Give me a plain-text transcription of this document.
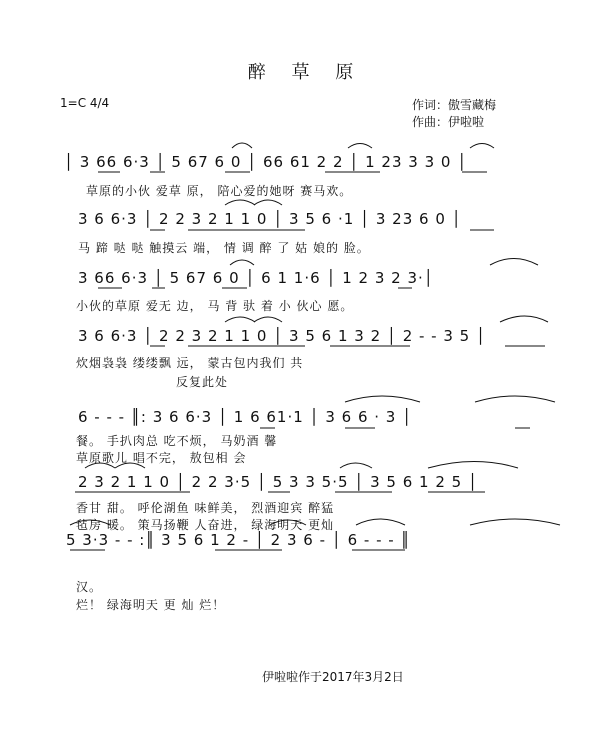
醉 草 原
1=C 4/4	作词：傲雪藏梅
作曲：伊啦啦
│ 3 66 6·3 │ 5 67 6 0 │ 66 61 2 2 │ 1 23 3 3 0 │
草原的小伙 爱草 原， 陪心爱的她呀 赛马欢。
3 6 6·3 │ 2 2 3 2 1 1 0 │ 3 5 6 ·1 │ 3 23 6 0 │
马 蹄 哒 哒 触摸云 端， 情 调 醉 了 姑 娘的 脸。
3 66 6·3 │ 5 67 6 0 │ 6 1 1·6 │ 1 2 3 2 3·│
小伙的草原 爱无 边， 马 背 驮 着 小 伙心 愿。
3 6 6·3 │ 2 2 3 2 1 1 0 │ 3 5 6 1 3 2 │ 2 - - 3 5 │
炊烟袅袅 缕缕飘 远， 蒙古包内我们 共
反复此处
6 - - - ║: 3 6 6·3 │ 1 6 61·1 │ 3 6 6 · 3 │
餐。 手扒肉总 吃不烦， 马奶酒 馨
草原歌儿 唱不完， 敖包相 会
2 3 2 1 1 0 │ 2 2 3·5 │ 5 3 3 5·5 │ 3 5 6 1 2 5 │
香甘 甜。 呼伦湖鱼 味鲜美， 烈酒迎宾 醉猛
毡房 暖。 策马扬鞭 人奋进， 绿海明天 更灿
5 3·3 - - :║ 3 5 6 1 2 - │ 2 3 6 - │ 6 - - - ║
汉。
烂！ 绿海明天 更 灿 烂！
伊啦啦作于2017年3月2日
